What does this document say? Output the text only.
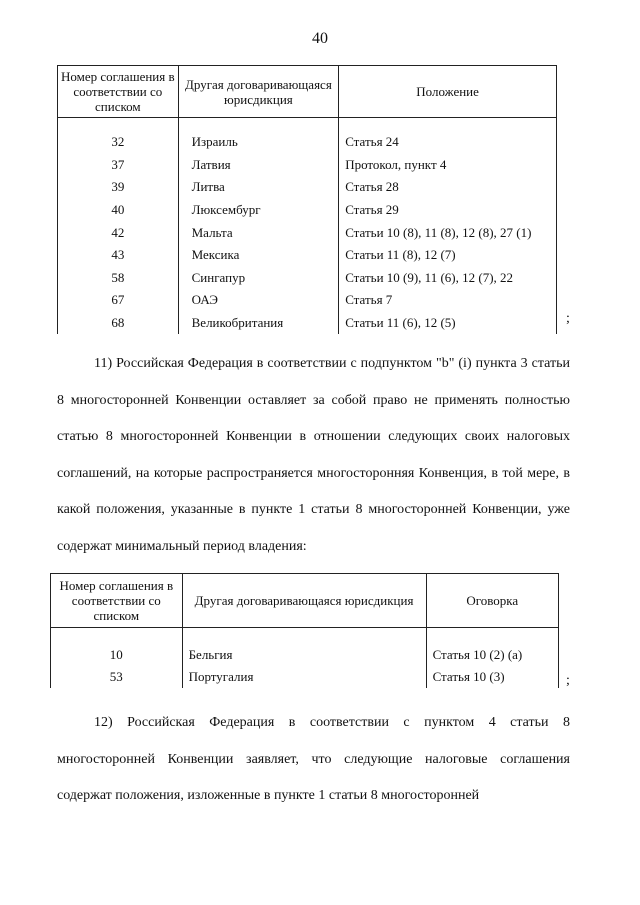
40
Номер соглашения в соответствии со списком	Другая договаривающаяся юрисдикция	Положение

32	Израиль	Статья 24
37	Латвия	Протокол, пункт 4
39	Литва	Статья 28
40	Люксембург	Статья 29
42	Мальта	Статьи 10 (8), 11 (8), 12 (8), 27 (1)
43	Мексика	Статьи 11 (8), 12 (7)
58	Сингапур	Статьи 10 (9), 11 (6), 12 (7), 22
67	ОАЭ	Статья 7
68	Великобритания	Статьи 11 (6), 12 (5)	;

11) Российская Федерация в соответствии с подпунктом "b" (i) пункта 3 статьи 8 многосторонней Конвенции оставляет за собой право не применять полностью статью 8 многосторонней Конвенции в отношении следующих своих налоговых соглашений, на которые распространяется многосторонняя Конвенция, в той мере, в какой положения, указанные в пункте 1 статьи 8 многосторонней Конвенции, уже содержат минимальный период владения:

Номер соглашения в соответствии со списком	Другая договаривающаяся юрисдикция	Оговорка

10	Бельгия	Статья 10 (2) (a)
53	Португалия	Статья 10 (3)	;

12) Российская Федерация в соответствии с пунктом 4 статьи 8 многосторонней Конвенции заявляет, что следующие налоговые соглашения содержат положения, изложенные в пункте 1 статьи 8 многосторонней
